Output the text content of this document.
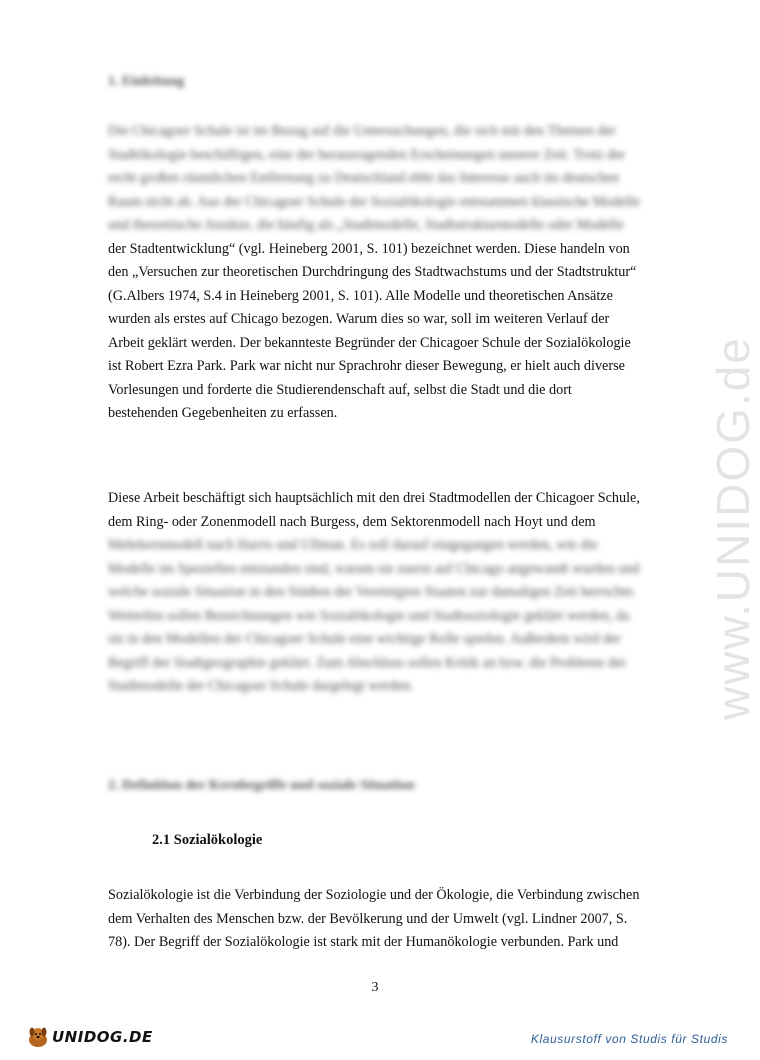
www.UNIDOG.de
1. Einleitung
Die Chicagoer Schule ist im Bezug auf die Untersuchungen, die sich mit den Themen der
Stadtökologie beschäftigen, eine der herausragenden Erscheinungen unserer Zeit. Trotz der
recht großen räumlichen Entfernung zu Deutschland ebbt das Interesse auch im deutschen
Raum nicht ab. Aus der Chicagoer Schule der Sozialökologie entstammen klassische Modelle
und theoretische Ansätze, die häufig als „Stadtmodelle, Stadtstrukturmodelle oder Modelle
der Stadtentwicklung“ (vgl. Heineberg 2001, S. 101) bezeichnet werden. Diese handeln von
den „Versuchen zur theoretischen Durchdringung des Stadtwachstums und der Stadtstruktur“
(G.Albers 1974, S.4 in Heineberg 2001, S. 101). Alle Modelle und theoretischen Ansätze
wurden als erstes auf Chicago bezogen. Warum dies so war, soll im weiteren Verlauf der
Arbeit geklärt werden. Der bekannteste Begründer der Chicagoer Schule der Sozialökologie
ist Robert Ezra Park. Park war nicht nur Sprachrohr dieser Bewegung, er hielt auch diverse
Vorlesungen und forderte die Studierendenschaft auf, selbst die Stadt und die dort
bestehenden Gegebenheiten zu erfassen.
Diese Arbeit beschäftigt sich hauptsächlich mit den drei Stadtmodellen der Chicagoer Schule,
dem Ring- oder Zonenmodell nach Burgess, dem Sektorenmodell nach Hoyt und dem
Mehrkernmodell nach Harris und Ullman. Es soll darauf eingegangen werden, wie die
Modelle im Speziellen entstanden sind, warum sie zuerst auf Chicago angewandt wurden und
welche soziale Situation in den Städten der Vereinigten Staaten zur damaligen Zeit herrschte.
Weiterhin sollen Bezeichnungen wie Sozialökologie und Stadtsoziologie geklärt werden, da
sie in den Modellen der Chicagoer Schule eine wichtige Rolle spielen. Außerdem wird der
Begriff der Stadtgeographie geklärt. Zum Abschluss sollen Kritik an bzw. die Probleme der
Stadtmodelle der Chicagoer Schule dargelegt werden.
2. Definition der Kernbegriffe und soziale Situation
2.1 Sozialökologie
Sozialökologie ist die Verbindung der Soziologie und der Ökologie, die Verbindung zwischen
dem Verhalten des Menschen bzw. der Bevölkerung und der Umwelt (vgl. Lindner 2007, S.
78). Der Begriff der Sozialökologie ist stark mit der Humanökologie verbunden. Park und
3
UNIDOG.DE	Klausurstoff von Studis für Studis
